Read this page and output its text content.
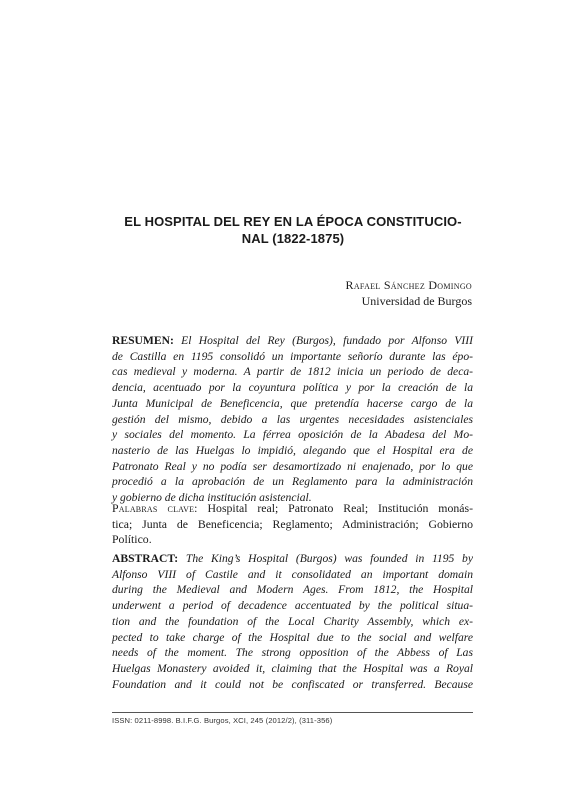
EL HOSPITAL DEL REY EN LA ÉPOCA CONSTITUCIO-
NAL (1822-1875)
Rafael Sánchez Domingo
Universidad de Burgos
RESUMEN: El Hospital del Rey (Burgos), fundado por Alfonso VIII
de Castilla en 1195 consolidó un importante señorío durante las épo-
cas medieval y moderna. A partir de 1812 inicia un periodo de deca-
dencia, acentuado por la coyuntura política y por la creación de la
Junta Municipal de Beneficencia, que pretendía hacerse cargo de la
gestión del mismo, debido a las urgentes necesidades asistenciales
y sociales del momento. La férrea oposición de la Abadesa del Mo-
nasterio de las Huelgas lo impidió, alegando que el Hospital era de
Patronato Real y no podía ser desamortizado ni enajenado, por lo que
procedió a la aprobación de un Reglamento para la administración
y gobierno de dicha institución asistencial.
Palabras clave: Hospital real; Patronato Real; Institución monás-
tica; Junta de Beneficencia; Reglamento; Administración; Gobierno
Político.
ABSTRACT: The King’s Hospital (Burgos) was founded in 1195 by
Alfonso VIII of Castile and it consolidated an important domain
during the Medieval and Modern Ages. From 1812, the Hospital
underwent a period of decadence accentuated by the political situa-
tion and the foundation of the Local Charity Assembly, which ex-
pected to take charge of the Hospital due to the social and welfare
needs of the moment. The strong opposition of the Abbess of Las
Huelgas Monastery avoided it, claiming that the Hospital was a Royal
Foundation and it could not be confiscated or transferred. Because
ISSN: 0211-8998. B.I.F.G. Burgos, XCI, 245 (2012/2), (311-356)
